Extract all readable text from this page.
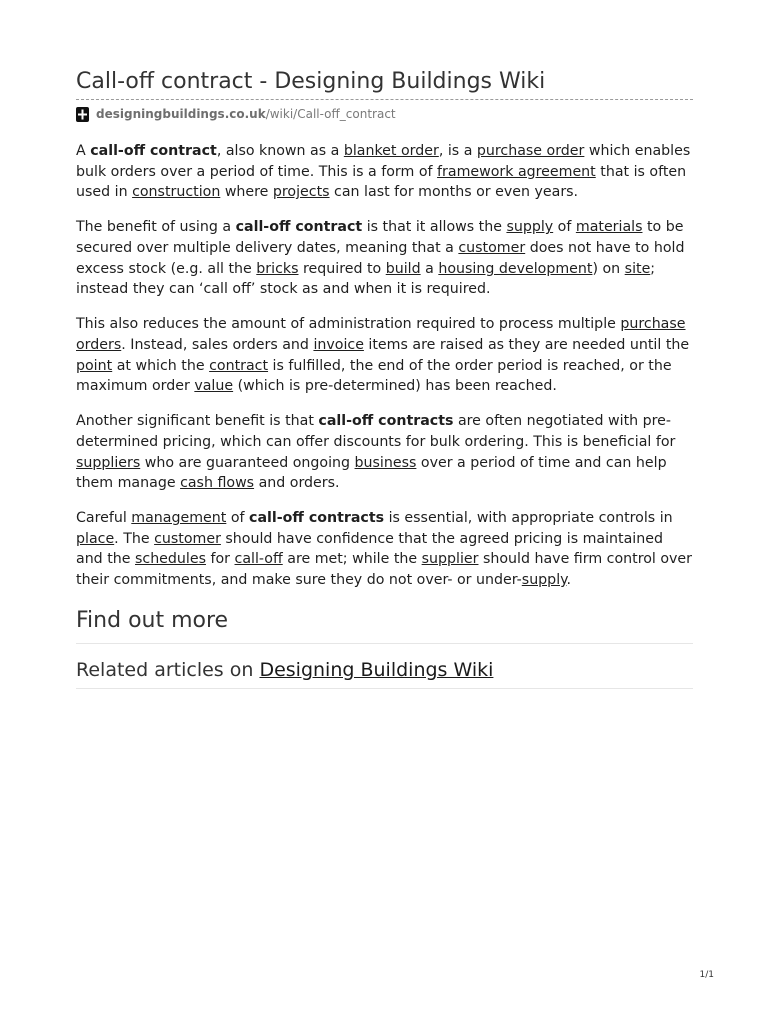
Call-off contract - Designing Buildings Wiki
designingbuildings.co.uk/wiki/Call-off_contract

A call-off contract, also known as a blanket order, is a purchase order which enables bulk orders over a period of time. This is a form of framework agreement that is often used in construction where projects can last for months or even years.

The benefit of using a call-off contract is that it allows the supply of materials to be secured over multiple delivery dates, meaning that a customer does not have to hold excess stock (e.g. all the bricks required to build a housing development) on site; instead they can ‘call off’ stock as and when it is required.

This also reduces the amount of administration required to process multiple purchase orders. Instead, sales orders and invoice items are raised as they are needed until the point at which the contract is fulfilled, the end of the order period is reached, or the maximum order value (which is pre-determined) has been reached.

Another significant benefit is that call-off contracts are often negotiated with pre-determined pricing, which can offer discounts for bulk ordering. This is beneficial for suppliers who are guaranteed ongoing business over a period of time and can help them manage cash flows and orders.

Careful management of call-off contracts is essential, with appropriate controls in place. The customer should have confidence that the agreed pricing is maintained and the schedules for call-off are met; while the supplier should have firm control over their commitments, and make sure they do not over- or under-supply.

Find out more
Related articles on Designing Buildings Wiki
1/1
